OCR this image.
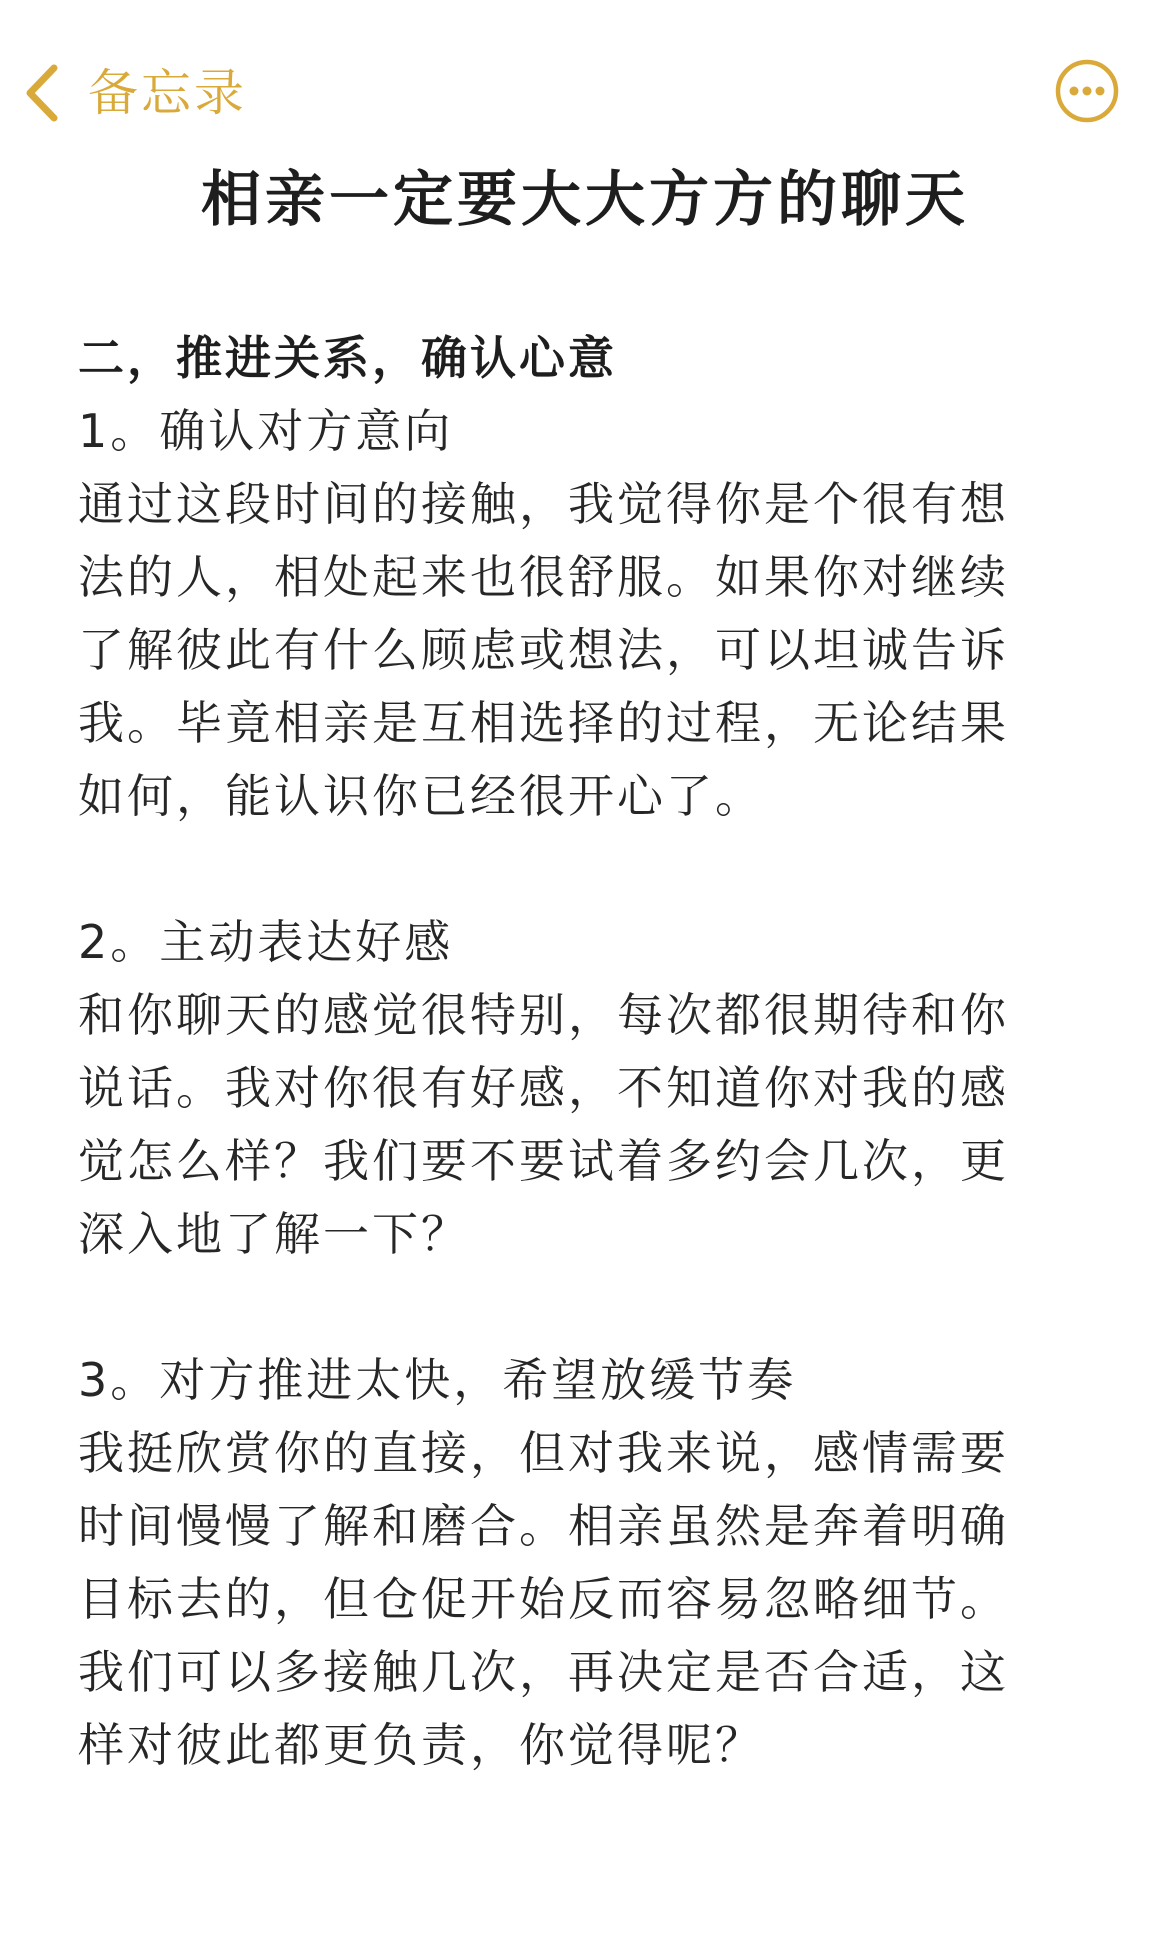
备忘录
相亲一定要大大方方的聊天
二，推进关系，确认心意
1。确认对方意向
通过这段时间的接触，我觉得你是个很有想
法的人，相处起来也很舒服。如果你对继续
了解彼此有什么顾虑或想法，可以坦诚告诉
我。毕竟相亲是互相选择的过程，无论结果
如何，能认识你已经很开心了。
2。主动表达好感
和你聊天的感觉很特别，每次都很期待和你
说话。我对你很有好感，不知道你对我的感
觉怎么样？我们要不要试着多约会几次，更
深入地了解一下？
3。对方推进太快，希望放缓节奏
我挺欣赏你的直接，但对我来说，感情需要
时间慢慢了解和磨合。相亲虽然是奔着明确
目标去的，但仓促开始反而容易忽略细节。
我们可以多接触几次，再决定是否合适，这
样对彼此都更负责，你觉得呢？
